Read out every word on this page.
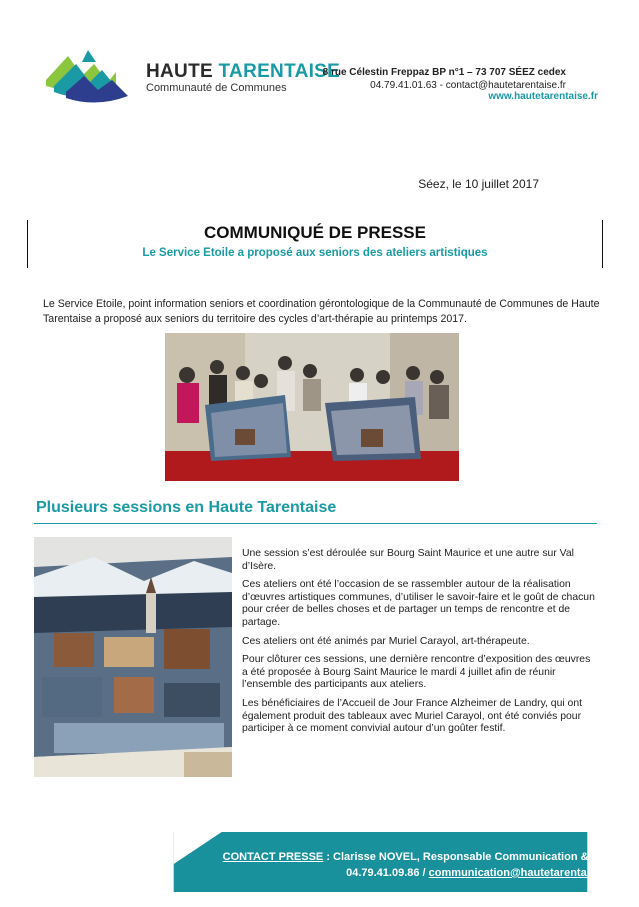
HAUTE TARENTAISE
Communauté de Communes
8 rue Célestin Freppaz BP n°1 – 73 707 SÉEZ cedex
04.79.41.01.63 - contact@hautetarentaise.fr
www.hautetarentaise.fr
Séez, le 10 juillet 2017
COMMUNIQUÉ DE PRESSE
Le Service Etoile a proposé aux seniors des ateliers artistiques
Le Service Etoile, point information seniors et coordination gérontologique de la Communauté de Communes de Haute Tarentaise a proposé aux seniors du territoire des cycles d’art-thérapie au printemps 2017.
Plusieurs sessions en Haute Tarentaise

Une session s’est déroulée sur Bourg Saint Maurice et une autre sur Val d’Isère.

Ces ateliers ont été l’occasion de se rassembler autour de la réalisation d’œuvres artistiques communes, d’utiliser le savoir-faire et le goût de chacun pour créer de belles choses et de partager un temps de rencontre et de partage.

Ces ateliers ont été animés par Muriel Carayol, art-thérapeute.

Pour clôturer ces sessions, une dernière rencontre d’exposition des œuvres a été proposée à Bourg Saint Maurice le mardi 4 juillet afin de réunir l’ensemble des participants aux ateliers.

Les bénéficiaires de l’Accueil de Jour France Alzheimer de Landry, qui ont également produit des tableaux avec Muriel Carayol, ont été conviés pour participer à ce moment convivial autour d’un goûter festif.

CONTACT PRESSE : Clarisse NOVEL, Responsable Communication & TNT
04.79.41.09.86 / communication@hautetarentaise.fr
